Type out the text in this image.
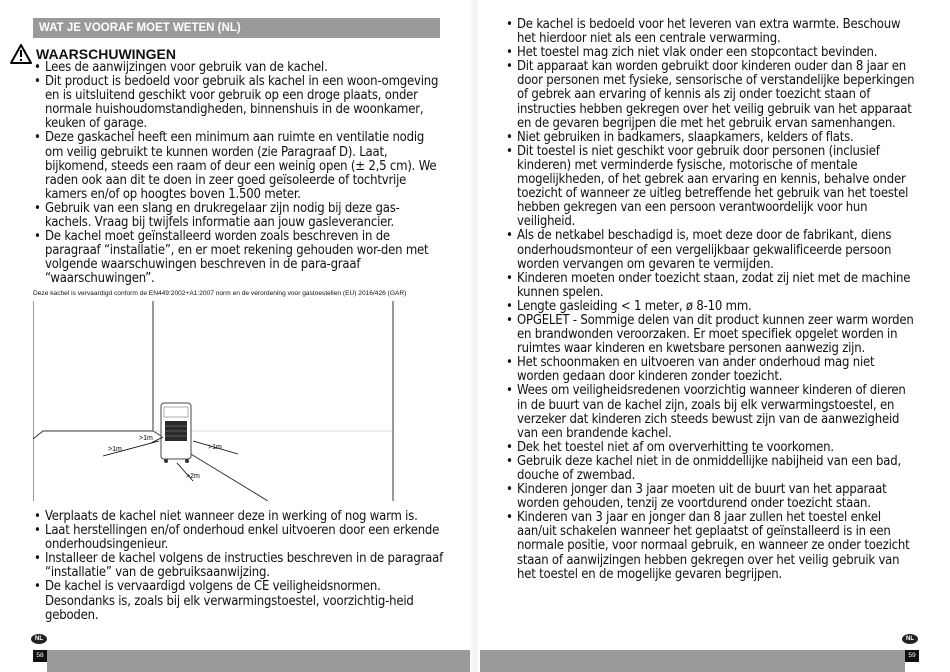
WAT JE VOORAF MOET WETEN (NL)
WAARSCHUWINGEN
• Lees de aanwijzingen voor gebruik van de kachel.
• Dit product is bedoeld voor gebruik als kachel in een woon-omgeving en is uitsluitend geschikt voor gebruik op een droge plaats, onder normale huishoudomstandigheden, binnenshuis in de woonkamer, keuken of garage.
• Deze gaskachel heeft een minimum aan ruimte en ventilatie nodig om veilig gebruikt te kunnen worden (zie Paragraaf D). Laat, bijkomend, steeds een raam of deur een weinig open (± 2,5 cm). We raden ook aan dit te doen in zeer goed geïsoleerde of tochtvrije kamers en/of op hoogtes boven 1.500 meter.
• Gebruik van een slang en drukregelaar zijn nodig bij deze gas-kachels. Vraag bij twijfels informatie aan jouw gasleverancier.
• De kachel moet geïnstalleerd worden zoals beschreven in de paragraaf “installatie”, en er moet rekening gehouden wor-den met volgende waarschuwingen beschreven in de para-graaf “waarschuwingen”.
Deze kachel is vervaardigd conform de EN449:2002+A1:2007 norm en de verordening voor gastoestellen (EU) 2016/426 (GAR)
>1m
>1m	>1m
>2m
• Verplaats de kachel niet wanneer deze in werking of nog warm is.
• Laat herstellingen en/of onderhoud enkel uitvoeren door een erkende onderhoudsingenieur.
• Installeer de kachel volgens de instructies beschreven in de paragraaf “installatie” van de gebruiksaanwijzing.
• De kachel is vervaardigd volgens de CE veiligheidsnormen. Desondanks is, zoals bij elk verwarmingstoestel, voorzichtig-heid geboden.
NL
58
• De kachel is bedoeld voor het leveren van extra warmte. Beschouw het hierdoor niet als een centrale verwarming.
• Het toestel mag zich niet vlak onder een stopcontact bevinden.
• Dit apparaat kan worden gebruikt door kinderen ouder dan 8 jaar en door personen met fysieke, sensorische of verstandelijke beperkingen of gebrek aan ervaring of kennis als zij onder toezicht staan of instructies hebben gekregen over het veilig gebruik van het apparaat en de gevaren begrijpen die met het gebruik ervan samenhangen.
• Niet gebruiken in badkamers, slaapkamers, kelders of flats.
• Dit toestel is niet geschikt voor gebruik door personen (inclusief kinderen) met verminderde fysische, motorische of mentale mogelijkheden, of het gebrek aan ervaring en kennis, behalve onder toezicht of wanneer ze uitleg betreffende het gebruik van het toestel hebben gekregen van een persoon verantwoordelijk voor hun veiligheid.
• Als de netkabel beschadigd is, moet deze door de fabrikant, diens onderhoudsmonteur of een vergelijkbaar gekwalificeerde persoon worden vervangen om gevaren te vermijden.
• Kinderen moeten onder toezicht staan, zodat zij niet met de machine kunnen spelen.
• Lengte gasleiding < 1 meter, ø 8-10 mm.
• OPGELET - Sommige delen van dit product kunnen zeer warm worden en brandwonden veroorzaken. Er moet specifiek opgelet worden in ruimtes waar kinderen en kwetsbare personen aanwezig zijn.
• Het schoonmaken en uitvoeren van ander onderhoud mag niet worden gedaan door kinderen zonder toezicht.
• Wees om veiligheidsredenen voorzichtig wanneer kinderen of dieren in de buurt van de kachel zijn, zoals bij elk verwarmingstoestel, en verzeker dat kinderen zich steeds bewust zijn van de aanwezigheid van een brandende kachel.
• Dek het toestel niet af om oververhitting te voorkomen.
• Gebruik deze kachel niet in de onmiddellijke nabijheid van een bad, douche of zwembad.
• Kinderen jonger dan 3 jaar moeten uit de buurt van het apparaat worden gehouden, tenzij ze voortdurend onder toezicht staan.
• Kinderen van 3 jaar en jonger dan 8 jaar zullen het toestel enkel aan/uit schakelen wanneer het geplaatst of geïnstalleerd is in een normale positie, voor normaal gebruik, en wanneer ze onder toezicht staan of aanwijzingen hebben gekregen over het veilig gebruik van het toestel en de mogelijke gevaren begrijpen.
NL
59
